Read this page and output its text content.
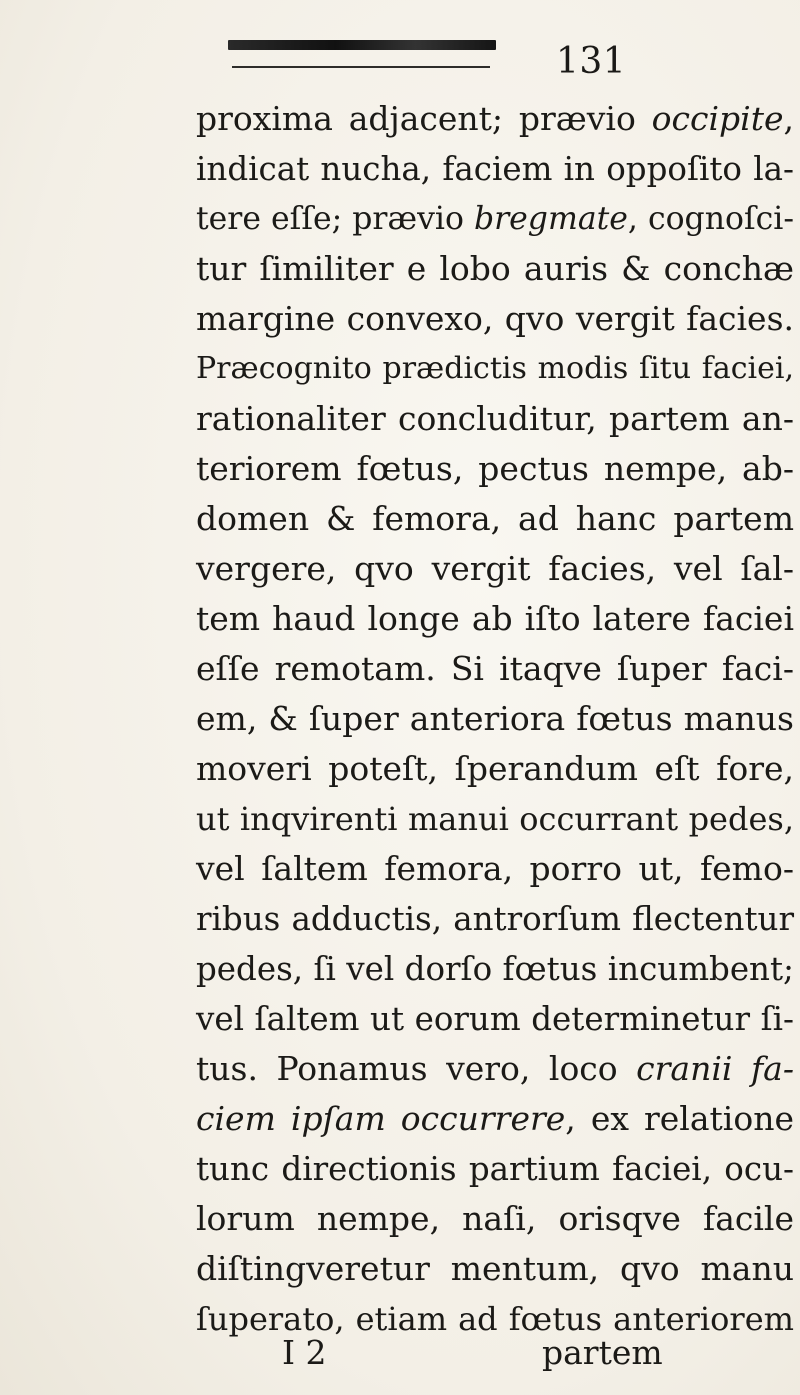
131
proxima adjacent; prævio occipite,
indicat nucha, faciem in oppoſito la-
tere eſſe; prævio bregmate, cognoſci-
tur ſimiliter e lobo auris & conchæ
margine convexo, qvo vergit facies.
Præcognito prædictis modis ſitu faciei,
rationaliter concluditur, partem an-
teriorem fœtus, pectus nempe, ab-
domen & femora, ad hanc partem
vergere, qvo vergit facies, vel ſal-
tem haud longe ab iſto latere faciei
eſſe remotam. Si itaqve ſuper faci-
em, & ſuper anteriora fœtus manus
moveri poteſt, ſperandum eſt fore,
ut inqvirenti manui occurrant pedes,
vel ſaltem femora, porro ut, femo-
ribus adductis, antrorſum flectentur
pedes, ſi vel dorſo fœtus incumbent;
vel ſaltem ut eorum determinetur ſi-
tus. Ponamus vero, loco cranii fa-
ciem ipſam occurrere, ex relatione
tunc directionis partium faciei, ocu-
lorum nempe, naſi, orisqve facile
diſtingveretur mentum, qvo manu
ſuperato, etiam ad fœtus anteriorem
I 2	partem
